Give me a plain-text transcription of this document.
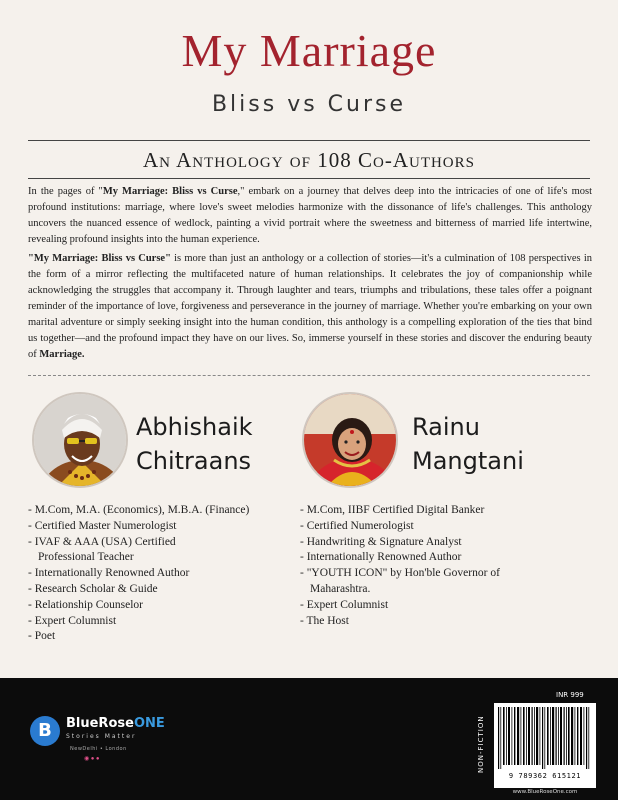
My Marriage
Bliss vs Curse
An Anthology of 108 Co-Authors

In the pages of "My Marriage: Bliss vs Curse," embark on a journey that delves deep into the intricacies of one of life's most profound institutions: marriage, where love's sweet melodies harmonize with the dissonance of life's challenges. This anthology uncovers the nuanced essence of wedlock, painting a vivid portrait where the sweetness and bitterness of married life intertwine, revealing profound insights into the human experience.

"My Marriage: Bliss vs Curse" is more than just an anthology or a collection of stories—it's a culmination of 108 perspectives in the form of a mirror reflecting the multifaceted nature of human relationships. It celebrates the joy of companionship while acknowledging the struggles that accompany it. Through laughter and tears, triumphs and tribulations, these tales offer a poignant reminder of the importance of love, forgiveness and perseverance in the journey of marriage. Whether you're embarking on your own marital adventure or simply seeking insight into the human condition, this anthology is a compelling exploration of the ties that bind us together—and the profound impact they have on our lives. So, immerse yourself in these stories and discover the enduring beauty of Marriage.

Abhishaik
Chitraans
- M.Com, M.A. (Economics), M.B.A. (Finance)
- Certified Master Numerologist
- IVAF & AAA (USA) Certified Professional Teacher
- Internationally Renowned Author
- Research Scholar & Guide
- Relationship Counselor
- Expert Columnist
- Poet
Rainu
Mangtani
- M.Com, IIBF Certified Digital Banker
- Certified Numerologist
- Handwriting & Signature Analyst
- Internationally Renowned Author
- "YOUTH ICON" by Hon'ble Governor of Maharashtra.
- Expert Columnist
- The Host
B	BlueRoseONE
Stories Matter
NewDelhi • London
◉ ● ●
INR 999
NON-FICTION
9 789362 615121
www.BlueRoseOne.com
